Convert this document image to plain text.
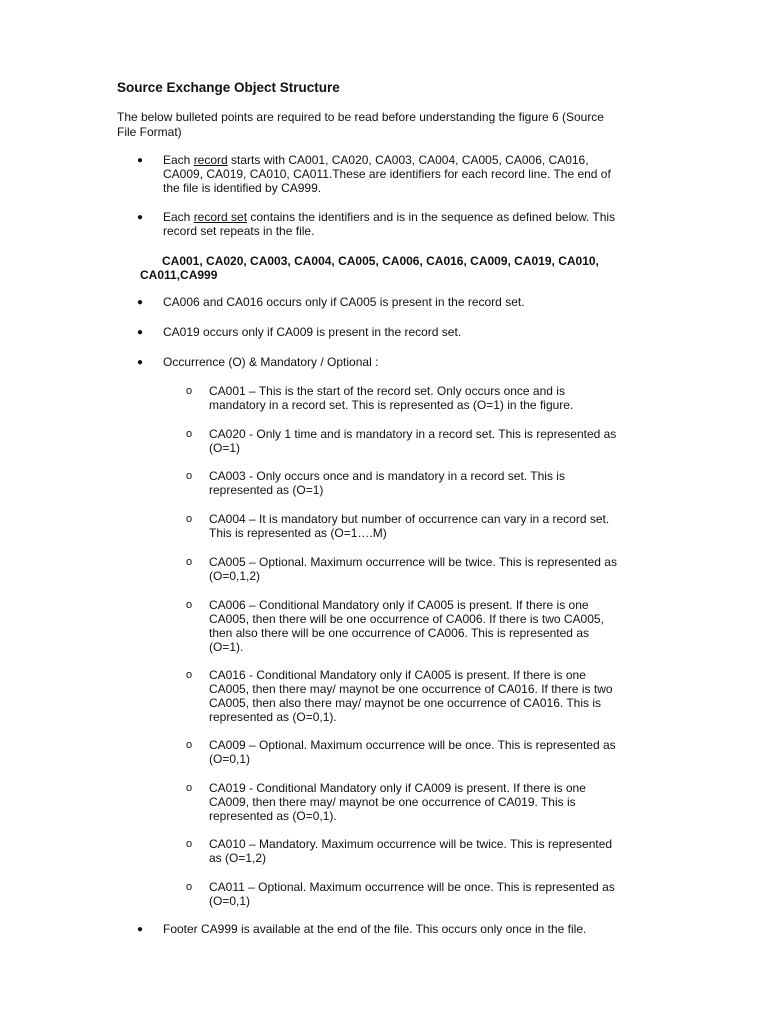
Source Exchange Object Structure
The below bulleted points are required to be read before understanding the figure 6 (Source
File Format)
● Each record starts with CA001, CA020, CA003, CA004, CA005, CA006, CA016,
CA009, CA019, CA010, CA011.These are identifiers for each record line. The end of
the file is identified by CA999.
● Each record set contains the identifiers and is in the sequence as defined below. This
record set repeats in the file.
CA001, CA020, CA003, CA004, CA005, CA006, CA016, CA009, CA019, CA010,
CA011,CA999
● CA006 and CA016 occurs only if CA005 is present in the record set.
● CA019 occurs only if CA009 is present in the record set.
● Occurrence (O) & Mandatory / Optional :
o CA001 – This is the start of the record set. Only occurs once and is
mandatory in a record set. This is represented as (O=1) in the figure.
o CA020 - Only 1 time and is mandatory in a record set. This is represented as
(O=1)
o CA003 - Only occurs once and is mandatory in a record set. This is
represented as (O=1)
o CA004 – It is mandatory but number of occurrence can vary in a record set.
This is represented as (O=1….M)
o CA005 – Optional. Maximum occurrence will be twice. This is represented as
(O=0,1,2)
o CA006 – Conditional Mandatory only if CA005 is present. If there is one
CA005, then there will be one occurrence of CA006. If there is two CA005,
then also there will be one occurrence of CA006. This is represented as
(O=1).
o CA016 - Conditional Mandatory only if CA005 is present. If there is one
CA005, then there may/ maynot be one occurrence of CA016. If there is two
CA005, then also there may/ maynot be one occurrence of CA016. This is
represented as (O=0,1).
o CA009 – Optional. Maximum occurrence will be once. This is represented as
(O=0,1)
o CA019 - Conditional Mandatory only if CA009 is present. If there is one
CA009, then there may/ maynot be one occurrence of CA019. This is
represented as (O=0,1).
o CA010 – Mandatory. Maximum occurrence will be twice. This is represented
as (O=1,2)
o CA011 – Optional. Maximum occurrence will be once. This is represented as
(O=0,1)
● Footer CA999 is available at the end of the file. This occurs only once in the file.
